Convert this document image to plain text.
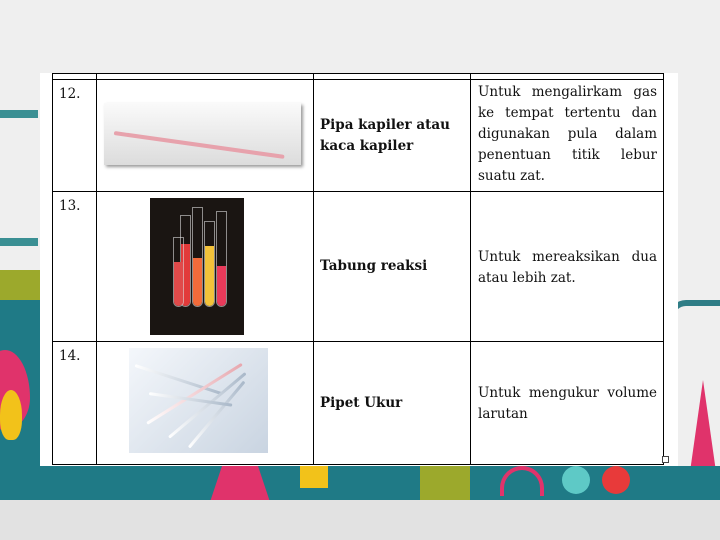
12.		Pipa kapiler atau kaca kapiler	Untuk mengalirkam gas ke tempat tertentu dan digunakan pula dalam penentuan titik lebur suatu zat.
13.		Tabung reaksi	Untuk mereaksikan dua atau lebih zat.
14.		Pipet Ukur	Untuk mengukur volume larutan
